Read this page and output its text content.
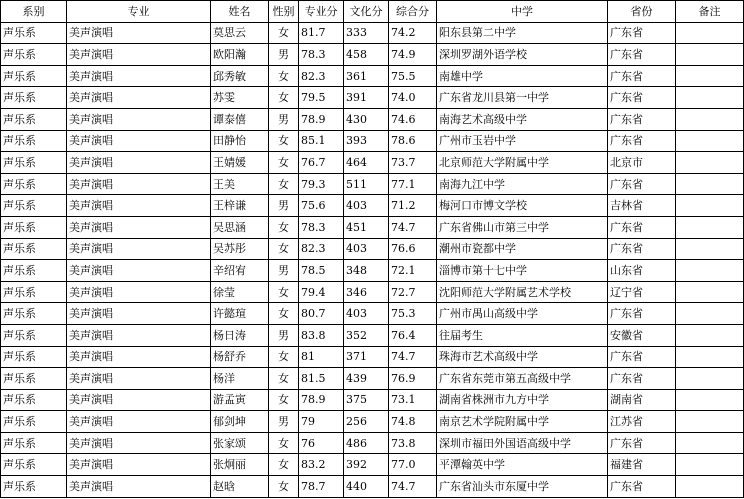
系别	专业	姓名	性别	专业分	文化分	综合分	中学	省份	备注
声乐系	美声演唱	莫思云	女	81.7	333	74.2	阳东县第二中学	广东省	
声乐系	美声演唱	欧阳瀚	男	78.3	458	74.9	深圳罗湖外语学校	广东省	
声乐系	美声演唱	邱秀敏	女	82.3	361	75.5	南雄中学	广东省	
声乐系	美声演唱	苏雯	女	79.5	391	74.0	广东省龙川县第一中学	广东省	
声乐系	美声演唱	谭泰僖	男	78.9	430	74.6	南海艺术高级中学	广东省	
声乐系	美声演唱	田静怡	女	85.1	393	78.6	广州市玉岩中学	广东省	
声乐系	美声演唱	王婧媛	女	76.7	464	73.7	北京师范大学附属中学	北京市	
声乐系	美声演唱	王美	女	79.3	511	77.1	南海九江中学	广东省	
声乐系	美声演唱	王梓谦	男	75.6	403	71.2	梅河口市博文学校	吉林省	
声乐系	美声演唱	吴思涵	女	78.3	451	74.7	广东省佛山市第三中学	广东省	
声乐系	美声演唱	吴苏彤	女	82.3	403	76.6	潮州市瓷都中学	广东省	
声乐系	美声演唱	辛绍宥	男	78.5	348	72.1	淄博市第十七中学	山东省	
声乐系	美声演唱	徐莹	女	79.4	346	72.7	沈阳师范大学附属艺术学校	辽宁省	
声乐系	美声演唱	许懿瑄	女	80.7	403	75.3	广州市禺山高级中学	广东省	
声乐系	美声演唱	杨日涛	男	83.8	352	76.4	往届考生	安徽省	
声乐系	美声演唱	杨舒乔	女	81	371	74.7	珠海市艺术高级中学	广东省	
声乐系	美声演唱	杨洋	女	81.5	439	76.9	广东省东莞市第五高级中学	广东省	
声乐系	美声演唱	游孟寅	女	78.9	375	73.1	湖南省株洲市九方中学	湖南省	
声乐系	美声演唱	郁剑坤	男	79	256	74.8	南京艺术学院附属中学	江苏省	
声乐系	美声演唱	张家颂	女	76	486	73.8	深圳市福田外国语高级中学	广东省	
声乐系	美声演唱	张炯丽	女	83.2	392	77.0	平潭翰英中学	福建省	
声乐系	美声演唱	赵晗	女	78.7	440	74.7	广东省汕头市东厦中学	广东省	
